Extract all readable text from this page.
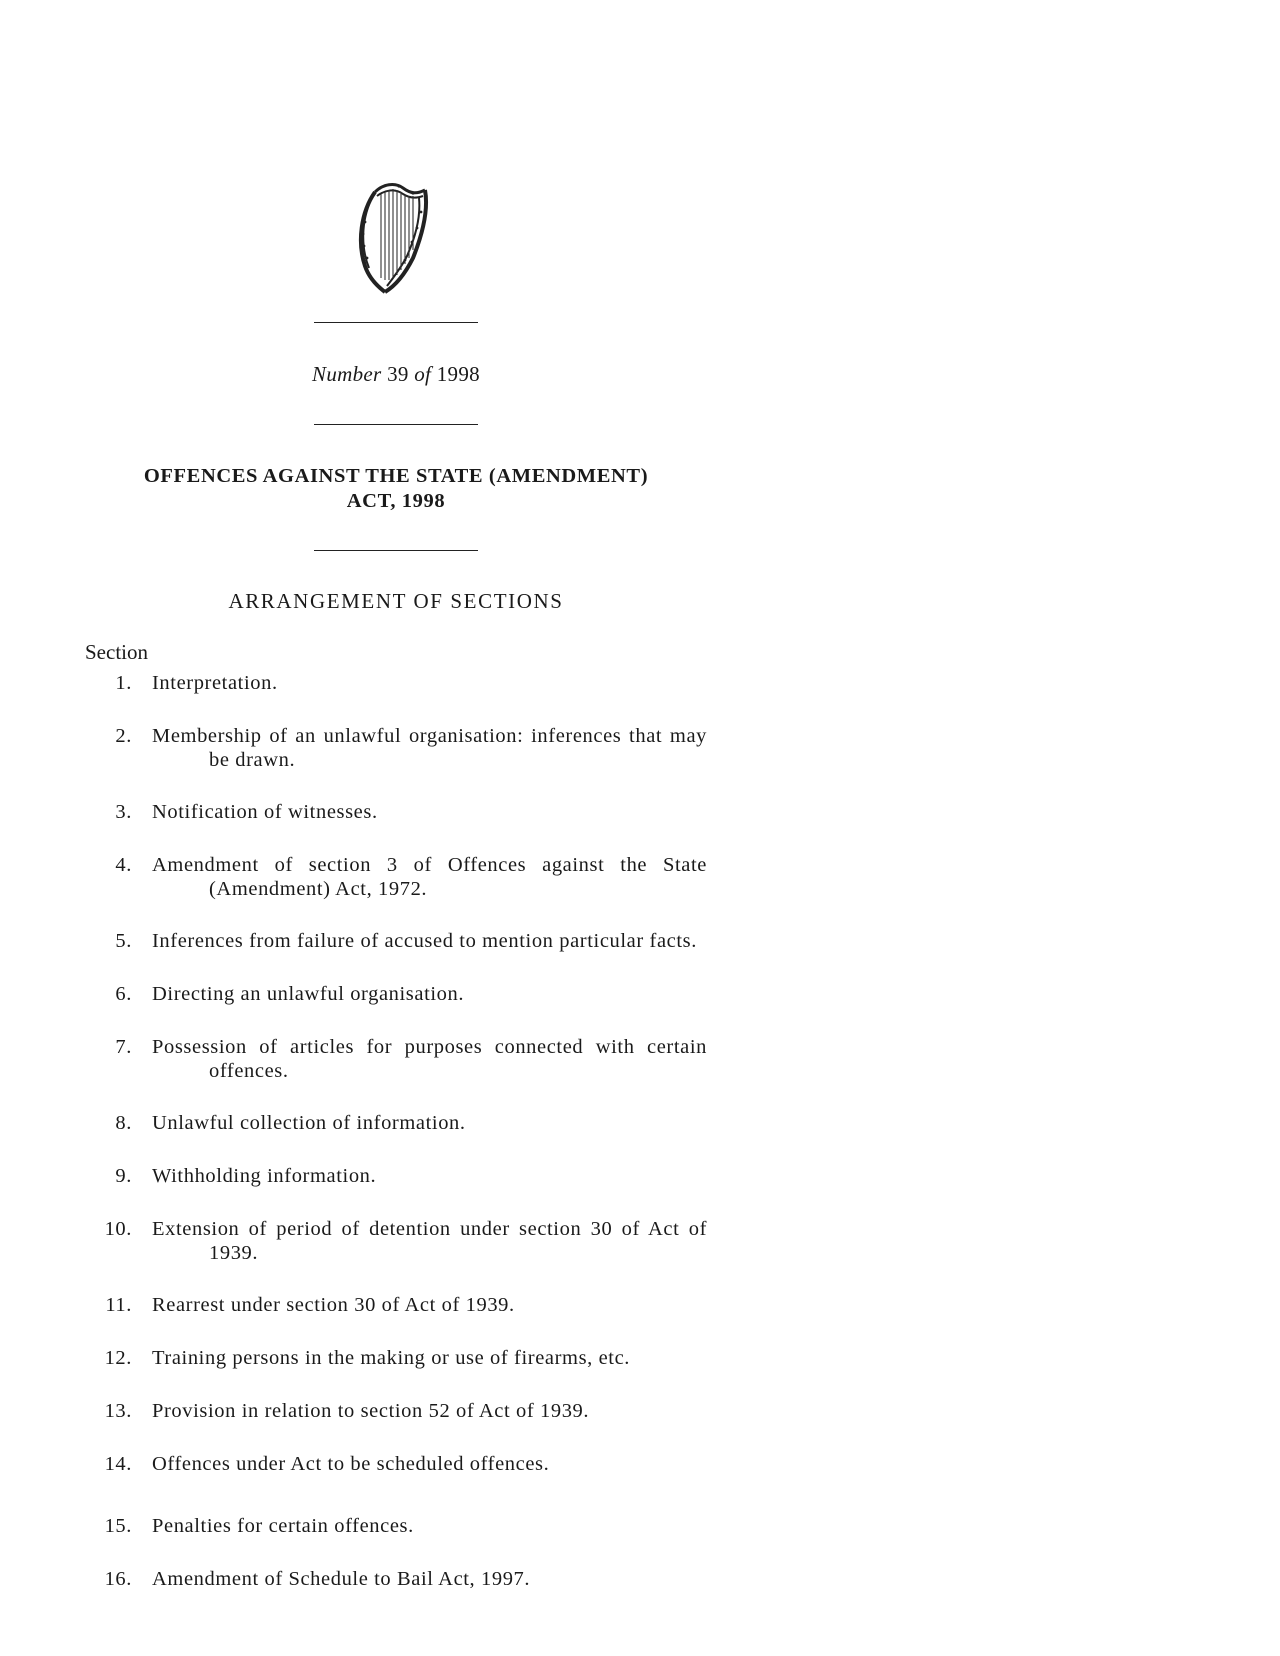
Number 39 of 1998
OFFENCES AGAINST THE STATE (AMENDMENT)
ACT, 1998
ARRANGEMENT OF SECTIONS
Section
1. Interpretation.
2. Membership of an unlawful organisation: inferences that may
be drawn.
3. Notification of witnesses.
4. Amendment of section 3 of Offences against the State
(Amendment) Act, 1972.
5. Inferences from failure of accused to mention particular facts.
6. Directing an unlawful organisation.
7. Possession of articles for purposes connected with certain
offences.
8. Unlawful collection of information.
9. Withholding information.
10. Extension of period of detention under section 30 of Act of
1939.
11. Rearrest under section 30 of Act of 1939.
12. Training persons in the making or use of firearms, etc.
13. Provision in relation to section 52 of Act of 1939.
14. Offences under Act to be scheduled offences.
15. Penalties for certain offences.
16. Amendment of Schedule to Bail Act, 1997.
